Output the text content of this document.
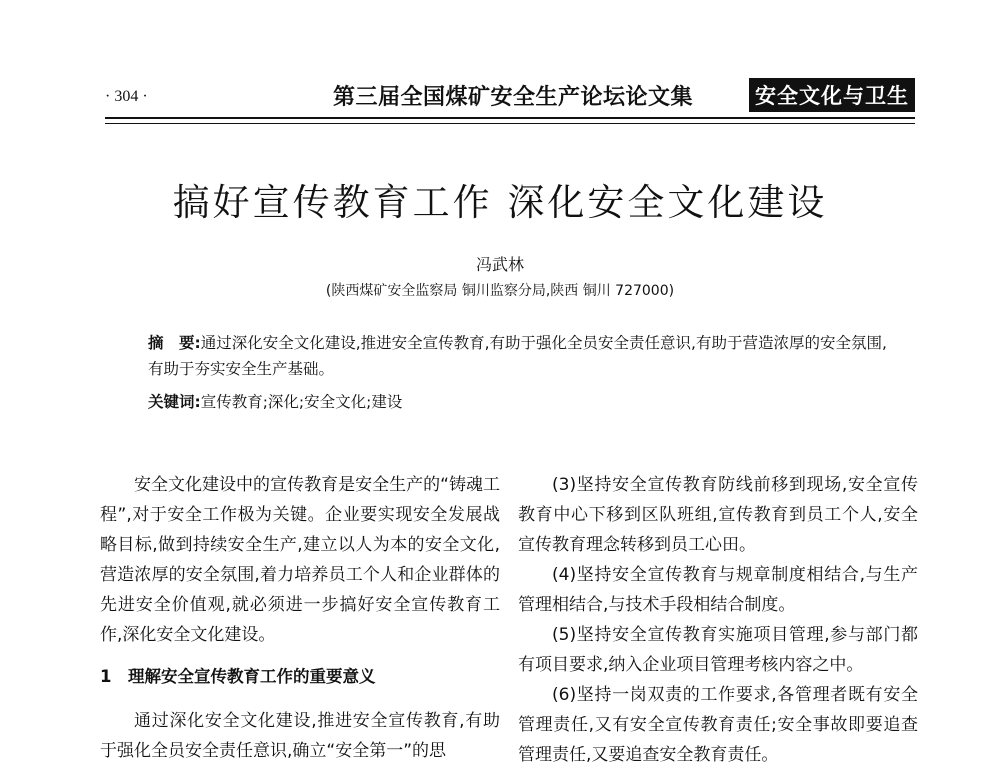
· 304 ·	第三届全国煤矿安全生产论坛论文集	安全文化与卫生
搞好宣传教育工作 深化安全文化建设
冯武林
(陕西煤矿安全监察局 铜川监察分局,陕西 铜川 727000)
摘　要:通过深化安全文化建设,推进安全宣传教育,有助于强化全员安全责任意识,有助于营造浓厚的安全氛围,有助于夯实安全生产基础。
关键词:宣传教育;深化;安全文化;建设

安全文化建设中的宣传教育是安全生产的“铸魂工程”,对于安全工作极为关键。企业要实现安全发展战略目标,做到持续安全生产,建立以人为本的安全文化,营造浓厚的安全氛围,着力培养员工个人和企业群体的先进安全价值观,就必须进一步搞好安全宣传教育工作,深化安全文化建设。

1　理解安全宣传教育工作的重要意义

通过深化安全文化建设,推进安全宣传教育,有助于强化全员安全责任意识,确立“安全第一”的思

(3)坚持安全宣传教育防线前移到现场,安全宣传教育中心下移到区队班组,宣传教育到员工个人,安全宣传教育理念转移到员工心田。

(4)坚持安全宣传教育与规章制度相结合,与生产管理相结合,与技术手段相结合制度。

(5)坚持安全宣传教育实施项目管理,参与部门都有项目要求,纳入企业项目管理考核内容之中。

(6)坚持一岗双责的工作要求,各管理者既有安全管理责任,又有安全宣传教育责任;安全事故即要追查管理责任,又要追查安全教育责任。
